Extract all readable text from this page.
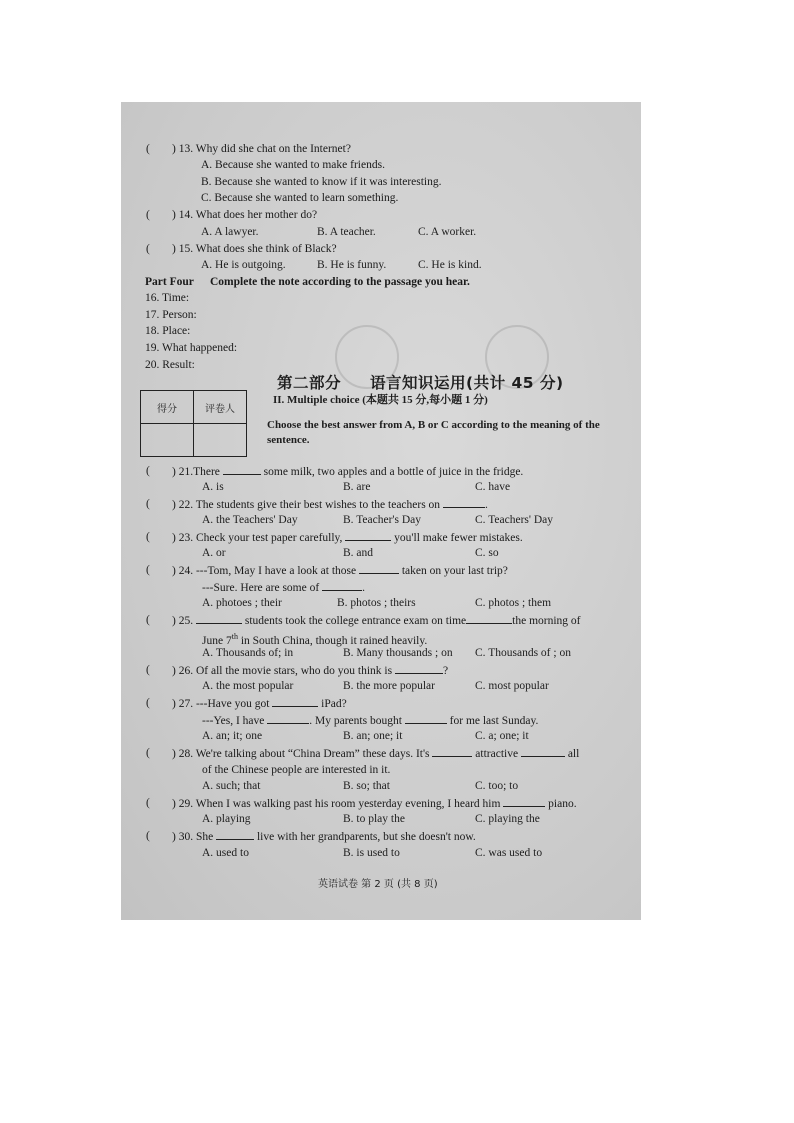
( ) 13. Why did she chat on the Internet?
A. Because she wanted to make friends.
B. Because she wanted to know if it was interesting.
C. Because she wanted to learn something.
( ) 14. What does her mother do?
A. A lawyer.	B. A teacher.	C. A worker.
( ) 15. What does she think of Black?
A. He is outgoing.	B. He is funny.	C. He is kind.
Part Four Complete the note according to the passage you hear.
16. Time:
17. Person:
18. Place:
19. What happened:
20. Result:
第二部分 语言知识运用(共计 45 分)
II. Multiple choice (本题共 15 分,每小题 1 分)
得分	评卷人

Choose the best answer from A, B or C according to the meaning of the sentence.
( ) 21.There	some milk, two apples and a bottle of juice in the fridge.
A. is	B. are	C. have
( ) 22. The students give their best wishes to the teachers on	.
A. the Teachers' Day	B. Teacher's Day	C. Teachers' Day
( ) 23. Check your test paper carefully,	you'll make fewer mistakes.
A. or	B. and	C. so
( ) 24. ---Tom, May I have a look at those	taken on your last trip?
---Sure. Here are some of	.
A. photoes ; their	B. photos ; theirs	C. photos ; them
( ) 25.	students took the college entrance exam on time	the morning of
June 7th in South China, though it rained heavily.
A. Thousands of; in	B. Many thousands ; on C. Thousands of ; on
( ) 26. Of all the movie stars, who do you think is	?
A. the most popular	B. the more popular	C. most popular
( ) 27. ---Have you got	iPad?
---Yes, I have	. My parents bought	for me last Sunday.
A. an; it; one	B. an; one; it	C. a; one; it
( ) 28. We're talking about “China Dream” these days. It's	attractive	all
of the Chinese people are interested in it.
A. such; that	B. so; that	C. too; to
( ) 29. When I was walking past his room yesterday evening, I heard him	piano.
A. playing	B. to play the	C. playing the
( ) 30. She	live with her grandparents, but she doesn't now.
A. used to	B. is used to	C. was used to
英语试卷 第 2 页 (共 8 页)
